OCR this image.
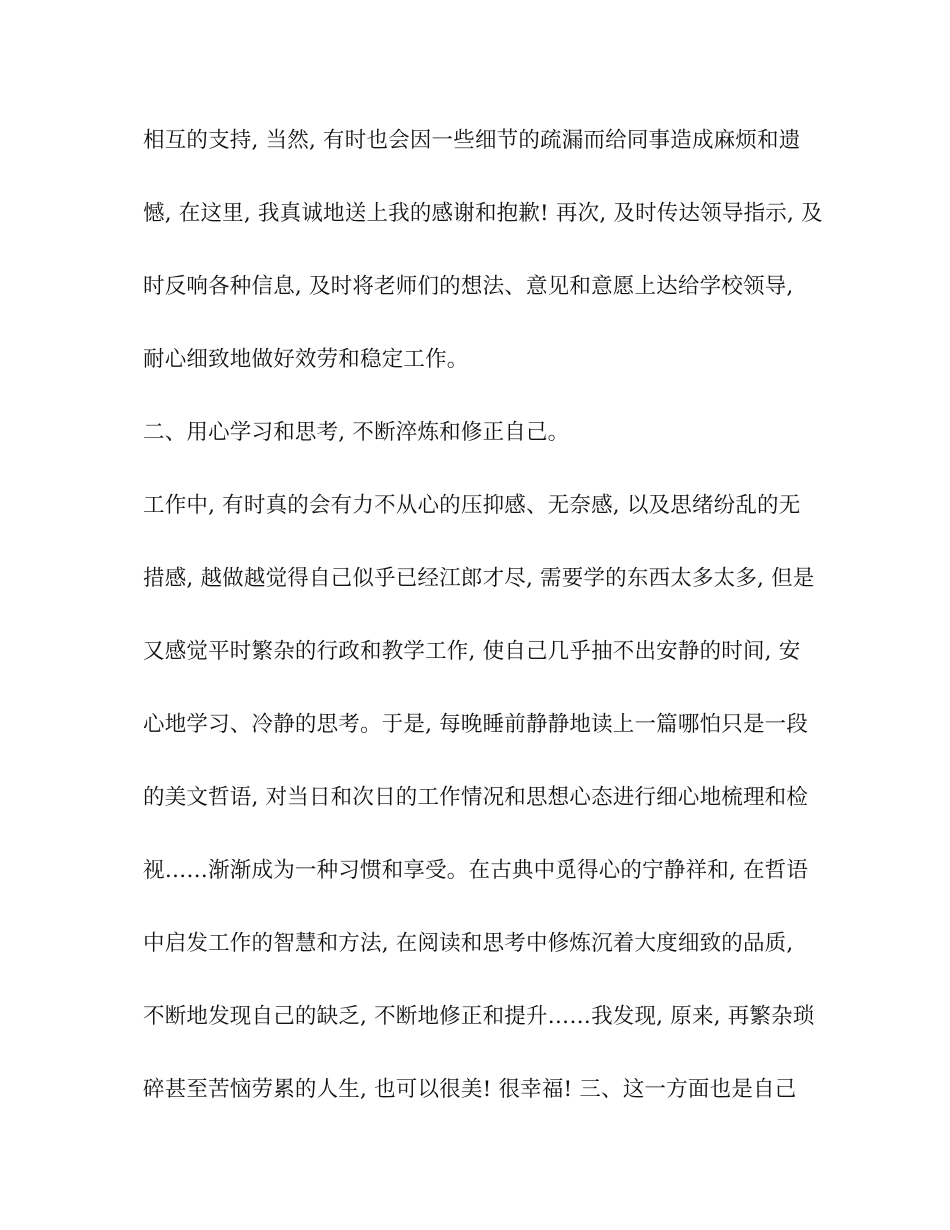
相互的支持, 当然, 有时也会因一些细节的疏漏而给同事造成麻烦和遗
憾, 在这里, 我真诚地送上我的感谢和抱歉! 再次, 及时传达领导指示, 及
时反响各种信息, 及时将老师们的想法、意见和意愿上达给学校领导,
耐心细致地做好效劳和稳定工作。
二、用心学习和思考, 不断淬炼和修正自己。
工作中, 有时真的会有力不从心的压抑感、无奈感, 以及思绪纷乱的无
措感, 越做越觉得自己似乎已经江郎才尽, 需要学的东西太多太多, 但是
又感觉平时繁杂的行政和教学工作, 使自己几乎抽不出安静的时间, 安
心地学习、冷静的思考。于是, 每晚睡前静静地读上一篇哪怕只是一段
的美文哲语, 对当日和次日的工作情况和思想心态进行细心地梳理和检
视……渐渐成为一种习惯和享受。在古典中觅得心的宁静祥和, 在哲语
中启发工作的智慧和方法, 在阅读和思考中修炼沉着大度细致的品质,
不断地发现自己的缺乏, 不断地修正和提升……我发现, 原来, 再繁杂琐
碎甚至苦恼劳累的人生, 也可以很美! 很幸福! 三、这一方面也是自己
